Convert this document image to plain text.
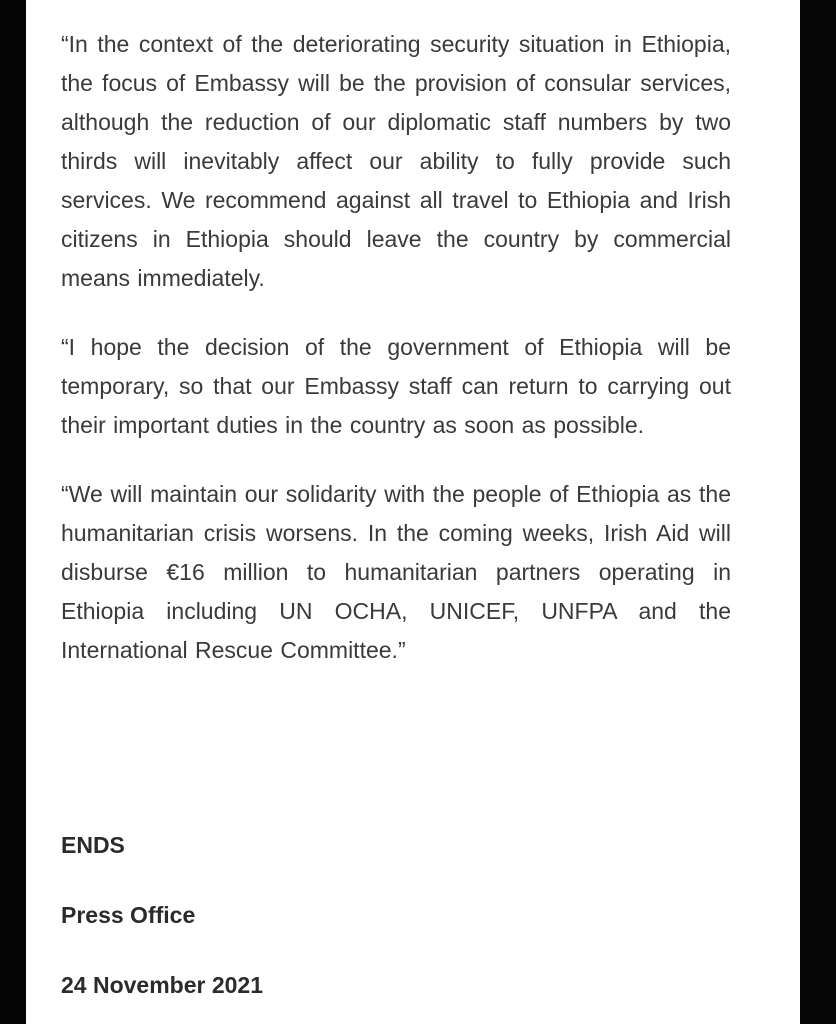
“In the context of the deteriorating security situation in Ethiopia, the focus of Embassy will be the provision of consular services, although the reduction of our diplomatic staff numbers by two thirds will inevitably affect our ability to fully provide such services. We recommend against all travel to Ethiopia and Irish citizens in Ethiopia should leave the country by commercial means immediately.

“I hope the decision of the government of Ethiopia will be temporary, so that our Embassy staff can return to carrying out their important duties in the country as soon as possible.

“We will maintain our solidarity with the people of Ethiopia as the humanitarian crisis worsens. In the coming weeks, Irish Aid will disburse €16 million to humanitarian partners operating in Ethiopia including UN OCHA, UNICEF, UNFPA and the International Rescue Committee.”

ENDS

Press Office

24 November 2021
